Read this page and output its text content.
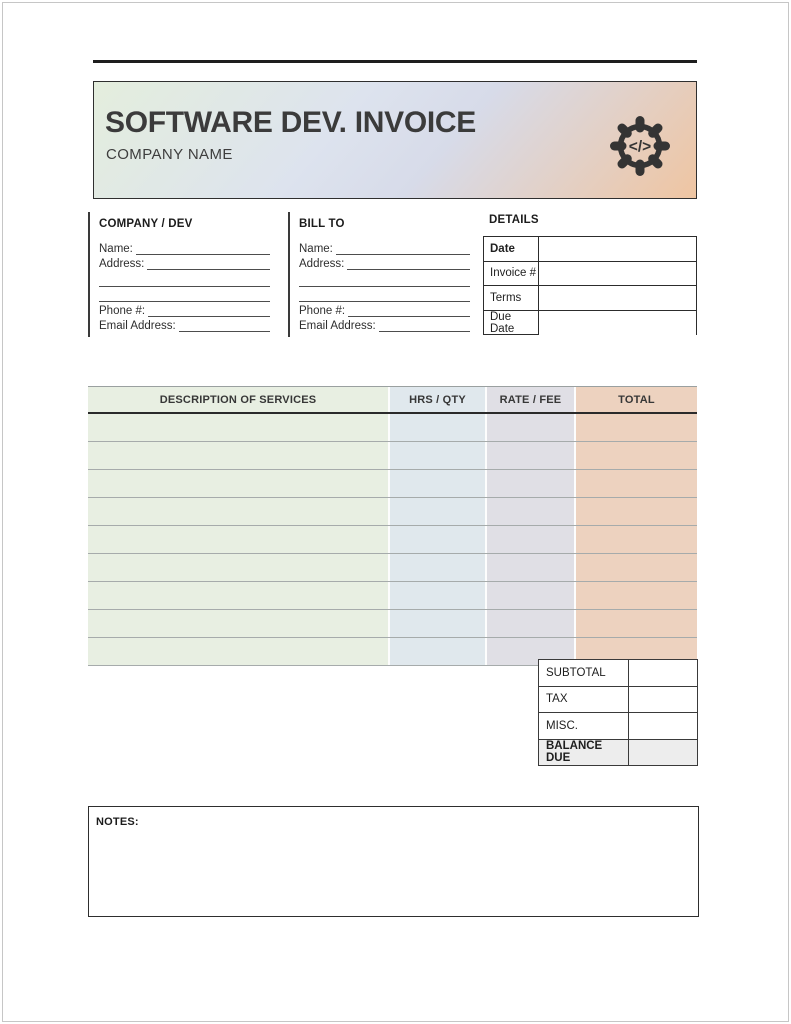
SOFTWARE DEV. INVOICE
COMPANY NAME	</>
COMPANY / DEV
Name:
Address:
Phone #:
Email Address:
BILL TO
Name:
Address:
Phone #:
Email Address:
DETAILS
Date
Invoice #
Terms
Due Date
DESCRIPTION OF SERVICES	HRS / QTY	RATE / FEE	TOTAL
SUBTOTAL
TAX
MISC.
BALANCE DUE
NOTES:
